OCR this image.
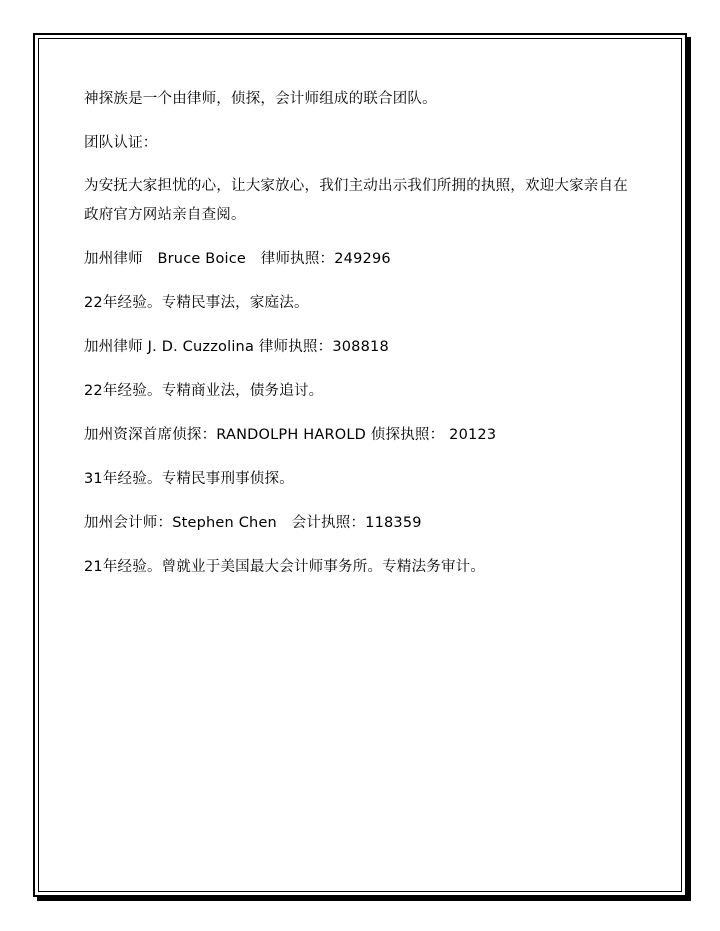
神探族是一个由律师，侦探，会计师组成的联合团队。

团队认证：

为安抚大家担忧的心，让大家放心，我们主动出示我们所拥的执照，欢迎大家亲自在政府官方网站亲自查阅。

加州律师　Bruce Boice　律师执照：249296

22年经验。专精民事法，家庭法。

加州律师 J. D. Cuzzolina 律师执照：308818

22年经验。专精商业法，债务追讨。

加州资深首席侦探：RANDOLPH HAROLD 侦探执照： 20123

31年经验。专精民事刑事侦探。

加州会计师：Stephen Chen　会计执照：118359

21年经验。曾就业于美国最大会计师事务所。专精法务审计。
